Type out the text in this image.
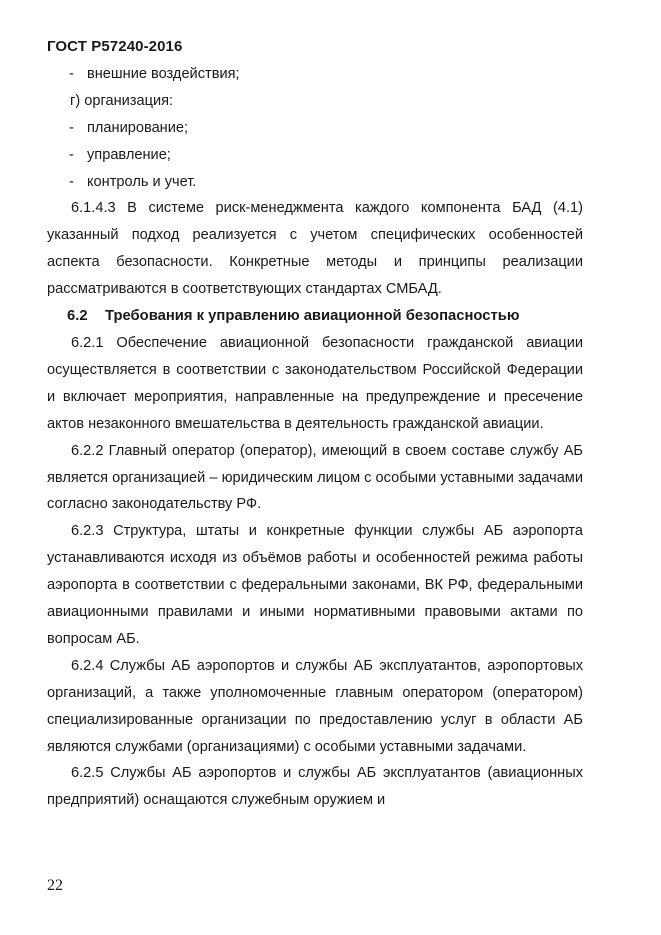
ГОСТ Р57240-2016
- внешние воздействия;
г) организация:
- планирование;
- управление;
- контроль и учет.
6.1.4.3 В системе риск-менеджмента каждого компонента БАД (4.1) указанный подход реализуется с учетом специфических особенностей аспекта безопасности. Конкретные методы и принципы реализации рассматриваются в соответствующих стандартах СМБАД.
6.2 Требования к управлению авиационной безопасностью
6.2.1 Обеспечение авиационной безопасности гражданской авиации осуществляется в соответствии с законодательством Российской Федерации и включает мероприятия, направленные на предупреждение и пресечение актов незаконного вмешательства в деятельность гражданской авиации.
6.2.2 Главный оператор (оператор), имеющий в своем составе службу АБ является организацией – юридическим лицом с особыми уставными задачами согласно законодательству РФ.
6.2.3 Структура, штаты и конкретные функции службы АБ аэропорта устанавливаются исходя из объёмов работы и особенностей режима работы аэропорта в соответствии с федеральными законами, ВК РФ, федеральными авиационными правилами и иными нормативными правовыми актами по вопросам АБ.
6.2.4 Службы АБ аэропортов и службы АБ эксплуатантов, аэропортовых организаций, а также уполномоченные главным оператором (оператором) специализированные организации по предоставлению услуг в области АБ являются службами (организациями) с особыми уставными задачами.
6.2.5 Службы АБ аэропортов и службы АБ эксплуатантов (авиационных предприятий) оснащаются служебным оружием и
22
